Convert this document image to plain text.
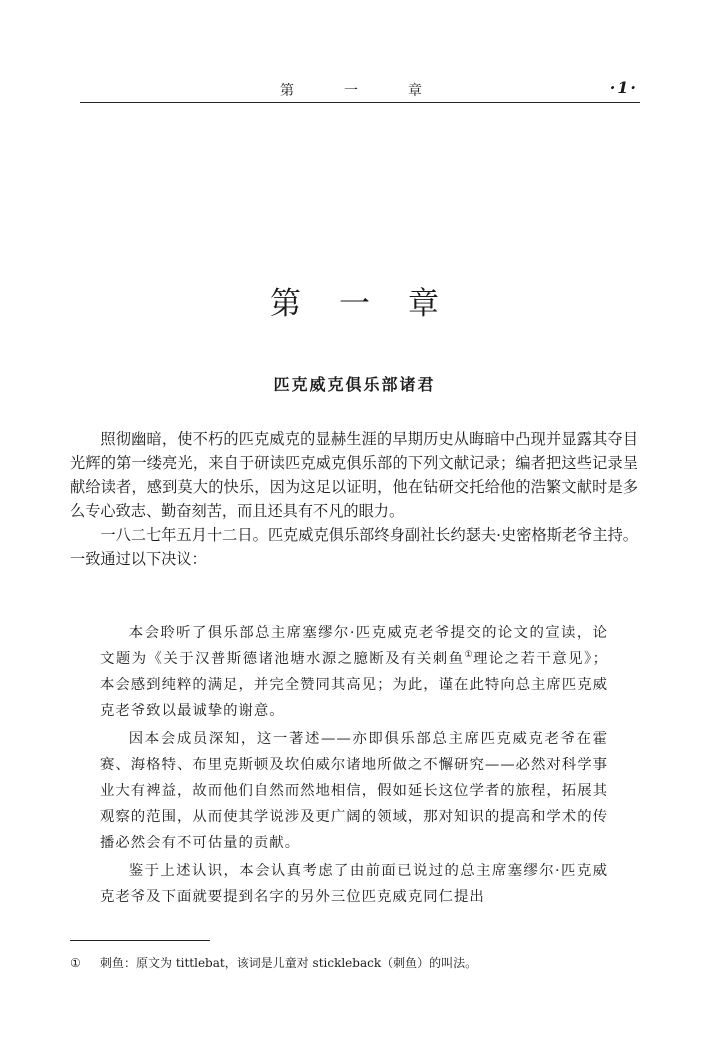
第　一　章	·1·
第一章
匹克威克俱乐部诸君

照彻幽暗，使不朽的匹克威克的显赫生涯的早期历史从晦暗中凸现并显露其夺目光辉的第一缕亮光，来自于研读匹克威克俱乐部的下列文献记录；编者把这些记录呈献给读者，感到莫大的快乐，因为这足以证明，他在钻研交托给他的浩繁文献时是多么专心致志、勤奋刻苦，而且还具有不凡的眼力。

一八二七年五月十二日。匹克威克俱乐部终身副社长约瑟夫·史密格斯老爷主持。一致通过以下决议：

本会聆听了俱乐部总主席塞缪尔·匹克威克老爷提交的论文的宣读，论文题为《关于汉普斯德诸池塘水源之臆断及有关刺鱼①理论之若干意见》；本会感到纯粹的满足，并完全赞同其高见；为此，谨在此特向总主席匹克威克老爷致以最诚挚的谢意。

因本会成员深知，这一著述——亦即俱乐部总主席匹克威克老爷在霍赛、海格特、布里克斯顿及坎伯威尔诸地所做之不懈研究——必然对科学事业大有裨益，故而他们自然而然地相信，假如延长这位学者的旅程，拓展其观察的范围，从而使其学说涉及更广阔的领域，那对知识的提高和学术的传播必然会有不可估量的贡献。

鉴于上述认识，本会认真考虑了由前面已说过的总主席塞缪尔·匹克威克老爷及下面就要提到名字的另外三位匹克威克同仁提出

① 刺鱼：原文为 tittlebat，该词是儿童对 stickleback（刺鱼）的叫法。
